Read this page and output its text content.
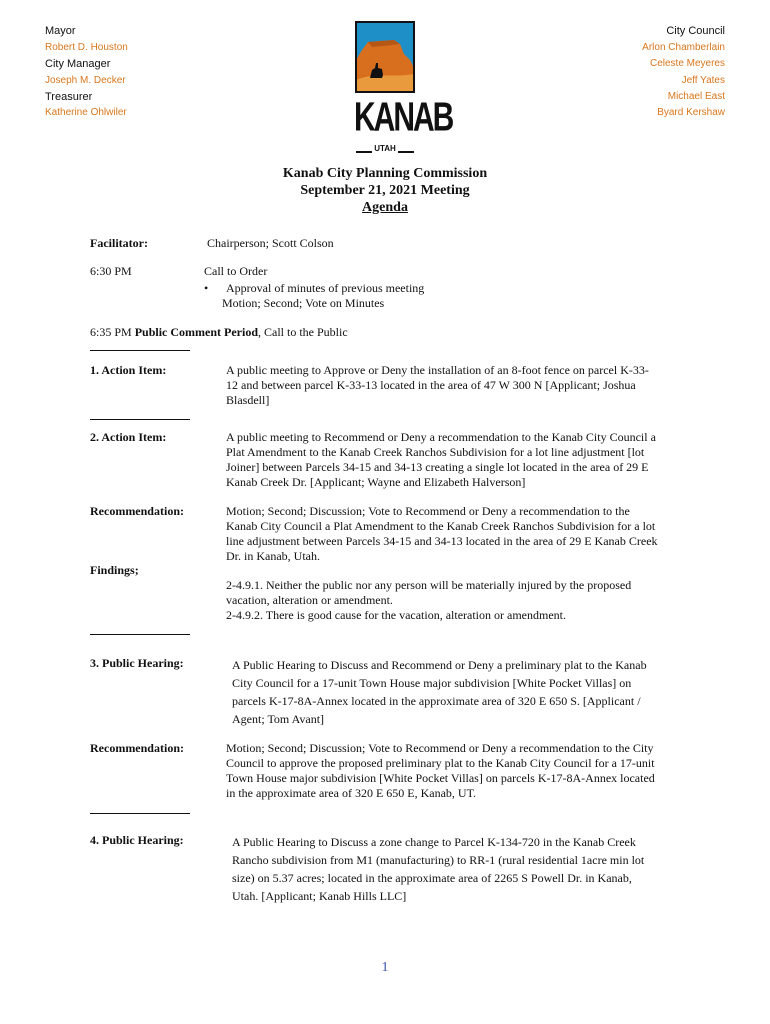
Mayor
Robert D. Houston
City Manager
Joseph M. Decker
Treasurer
Katherine Ohlwiler
City Council
Arlon Chamberlain
Celeste Meyeres
Jeff Yates
Michael East
Byard Kershaw
KANAB
UTAH
Kanab City Planning Commission
September 21, 2021 Meeting
Agenda
Facilitator:	Chairperson; Scott Colson
6:30 PM	Call to Order
• Approval of minutes of previous meeting
Motion; Second; Vote on Minutes
6:35 PM Public Comment Period, Call to the Public
1. Action Item:	A public meeting to Approve or Deny the installation of an 8-foot fence on parcel K-33-
12 and between parcel K-33-13 located in the area of 47 W 300 N [Applicant; Joshua
Blasdell]
2. Action Item:	A public meeting to Recommend or Deny a recommendation to the Kanab City Council a
Plat Amendment to the Kanab Creek Ranchos Subdivision for a lot line adjustment [lot
Joiner] between Parcels 34-15 and 34-13 creating a single lot located in the area of 29 E
Kanab Creek Dr. [Applicant; Wayne and Elizabeth Halverson]
Recommendation:	Motion; Second; Discussion; Vote to Recommend or Deny a recommendation to the
Kanab City Council a Plat Amendment to the Kanab Creek Ranchos Subdivision for a lot
line adjustment between Parcels 34-15 and 34-13 located in the area of 29 E Kanab Creek
Dr. in Kanab, Utah.
Findings;
2-4.9.1. Neither the public nor any person will be materially injured by the proposed
vacation, alteration or amendment.
2-4.9.2. There is good cause for the vacation, alteration or amendment.
3. Public Hearing:	A Public Hearing to Discuss and Recommend or Deny a preliminary plat to the Kanab
City Council for a 17-unit Town House major subdivision [White Pocket Villas] on
parcels K-17-8A-Annex located in the approximate area of 320 E 650 S. [Applicant /
Agent; Tom Avant]
Recommendation:	Motion; Second; Discussion; Vote to Recommend or Deny a recommendation to the City
Council to approve the proposed preliminary plat to the Kanab City Council for a 17-unit
Town House major subdivision [White Pocket Villas] on parcels K-17-8A-Annex located
in the approximate area of 320 E 650 E, Kanab, UT.
4. Public Hearing:	A Public Hearing to Discuss a zone change to Parcel K-134-720 in the Kanab Creek
Rancho subdivision from M1 (manufacturing) to RR-1 (rural residential 1acre min lot
size) on 5.37 acres; located in the approximate area of 2265 S Powell Dr. in Kanab,
Utah. [Applicant; Kanab Hills LLC]
1
